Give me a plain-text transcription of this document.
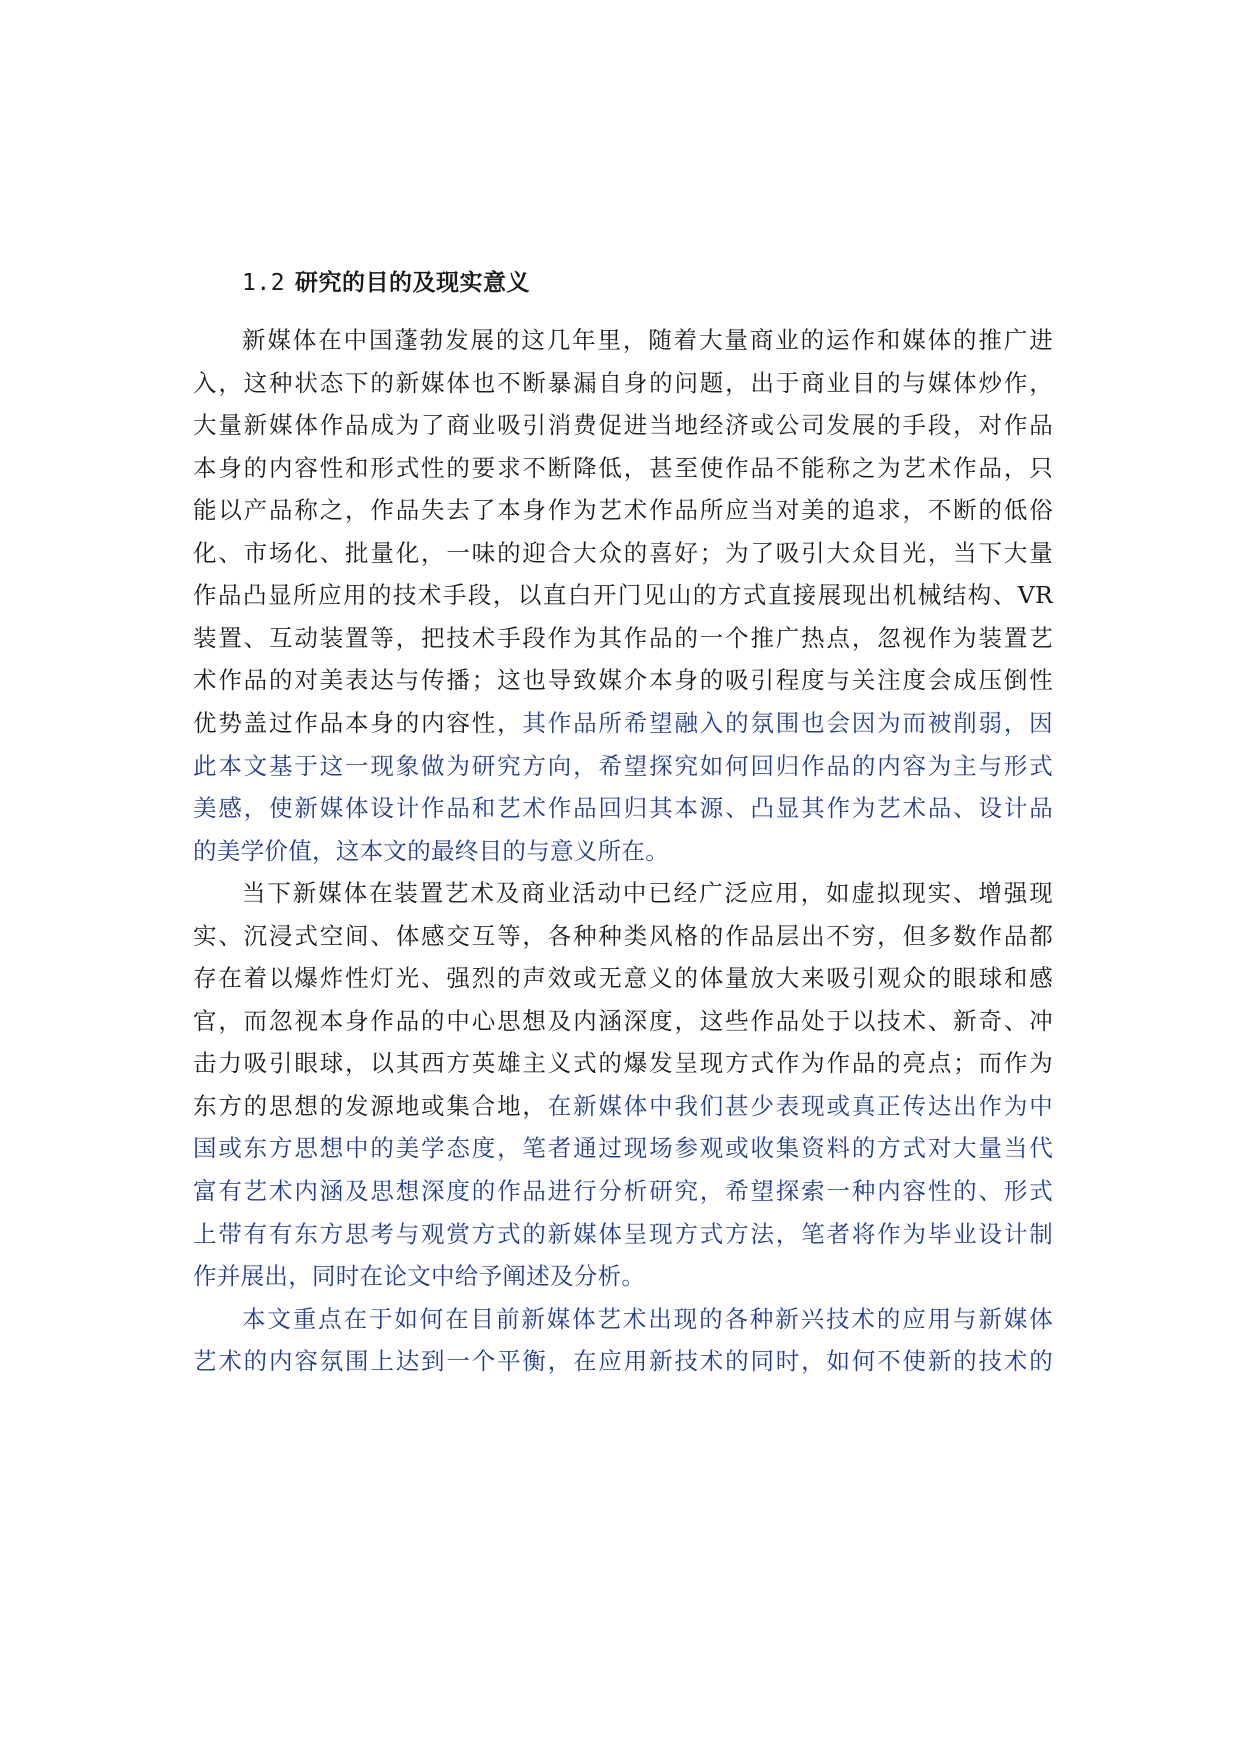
1.2 研究的目的及现实意义
新媒体在中国蓬勃发展的这几年里，随着大量商业的运作和媒体的推广进
入，这种状态下的新媒体也不断暴漏自身的问题，出于商业目的与媒体炒作，
大量新媒体作品成为了商业吸引消费促进当地经济或公司发展的手段，对作品
本身的内容性和形式性的要求不断降低，甚至使作品不能称之为艺术作品，只
能以产品称之，作品失去了本身作为艺术作品所应当对美的追求，不断的低俗
化、市场化、批量化，一味的迎合大众的喜好；为了吸引大众目光，当下大量
作品凸显所应用的技术手段，以直白开门见山的方式直接展现出机械结构、VR
装置、互动装置等，把技术手段作为其作品的一个推广热点，忽视作为装置艺
术作品的对美表达与传播；这也导致媒介本身的吸引程度与关注度会成压倒性
优势盖过作品本身的内容性，其作品所希望融入的氛围也会因为而被削弱，因
此本文基于这一现象做为研究方向，希望探究如何回归作品的内容为主与形式
美感，使新媒体设计作品和艺术作品回归其本源、凸显其作为艺术品、设计品
的美学价值，这本文的最终目的与意义所在。
当下新媒体在装置艺术及商业活动中已经广泛应用，如虚拟现实、增强现
实、沉浸式空间、体感交互等，各种种类风格的作品层出不穷，但多数作品都
存在着以爆炸性灯光、强烈的声效或无意义的体量放大来吸引观众的眼球和感
官，而忽视本身作品的中心思想及内涵深度，这些作品处于以技术、新奇、冲
击力吸引眼球，以其西方英雄主义式的爆发呈现方式作为作品的亮点；而作为
东方的思想的发源地或集合地，在新媒体中我们甚少表现或真正传达出作为中
国或东方思想中的美学态度，笔者通过现场参观或收集资料的方式对大量当代
富有艺术内涵及思想深度的作品进行分析研究，希望探索一种内容性的、形式
上带有有东方思考与观赏方式的新媒体呈现方式方法，笔者将作为毕业设计制
作并展出，同时在论文中给予阐述及分析。
本文重点在于如何在目前新媒体艺术出现的各种新兴技术的应用与新媒体
艺术的内容氛围上达到一个平衡，在应用新技术的同时，如何不使新的技术的
